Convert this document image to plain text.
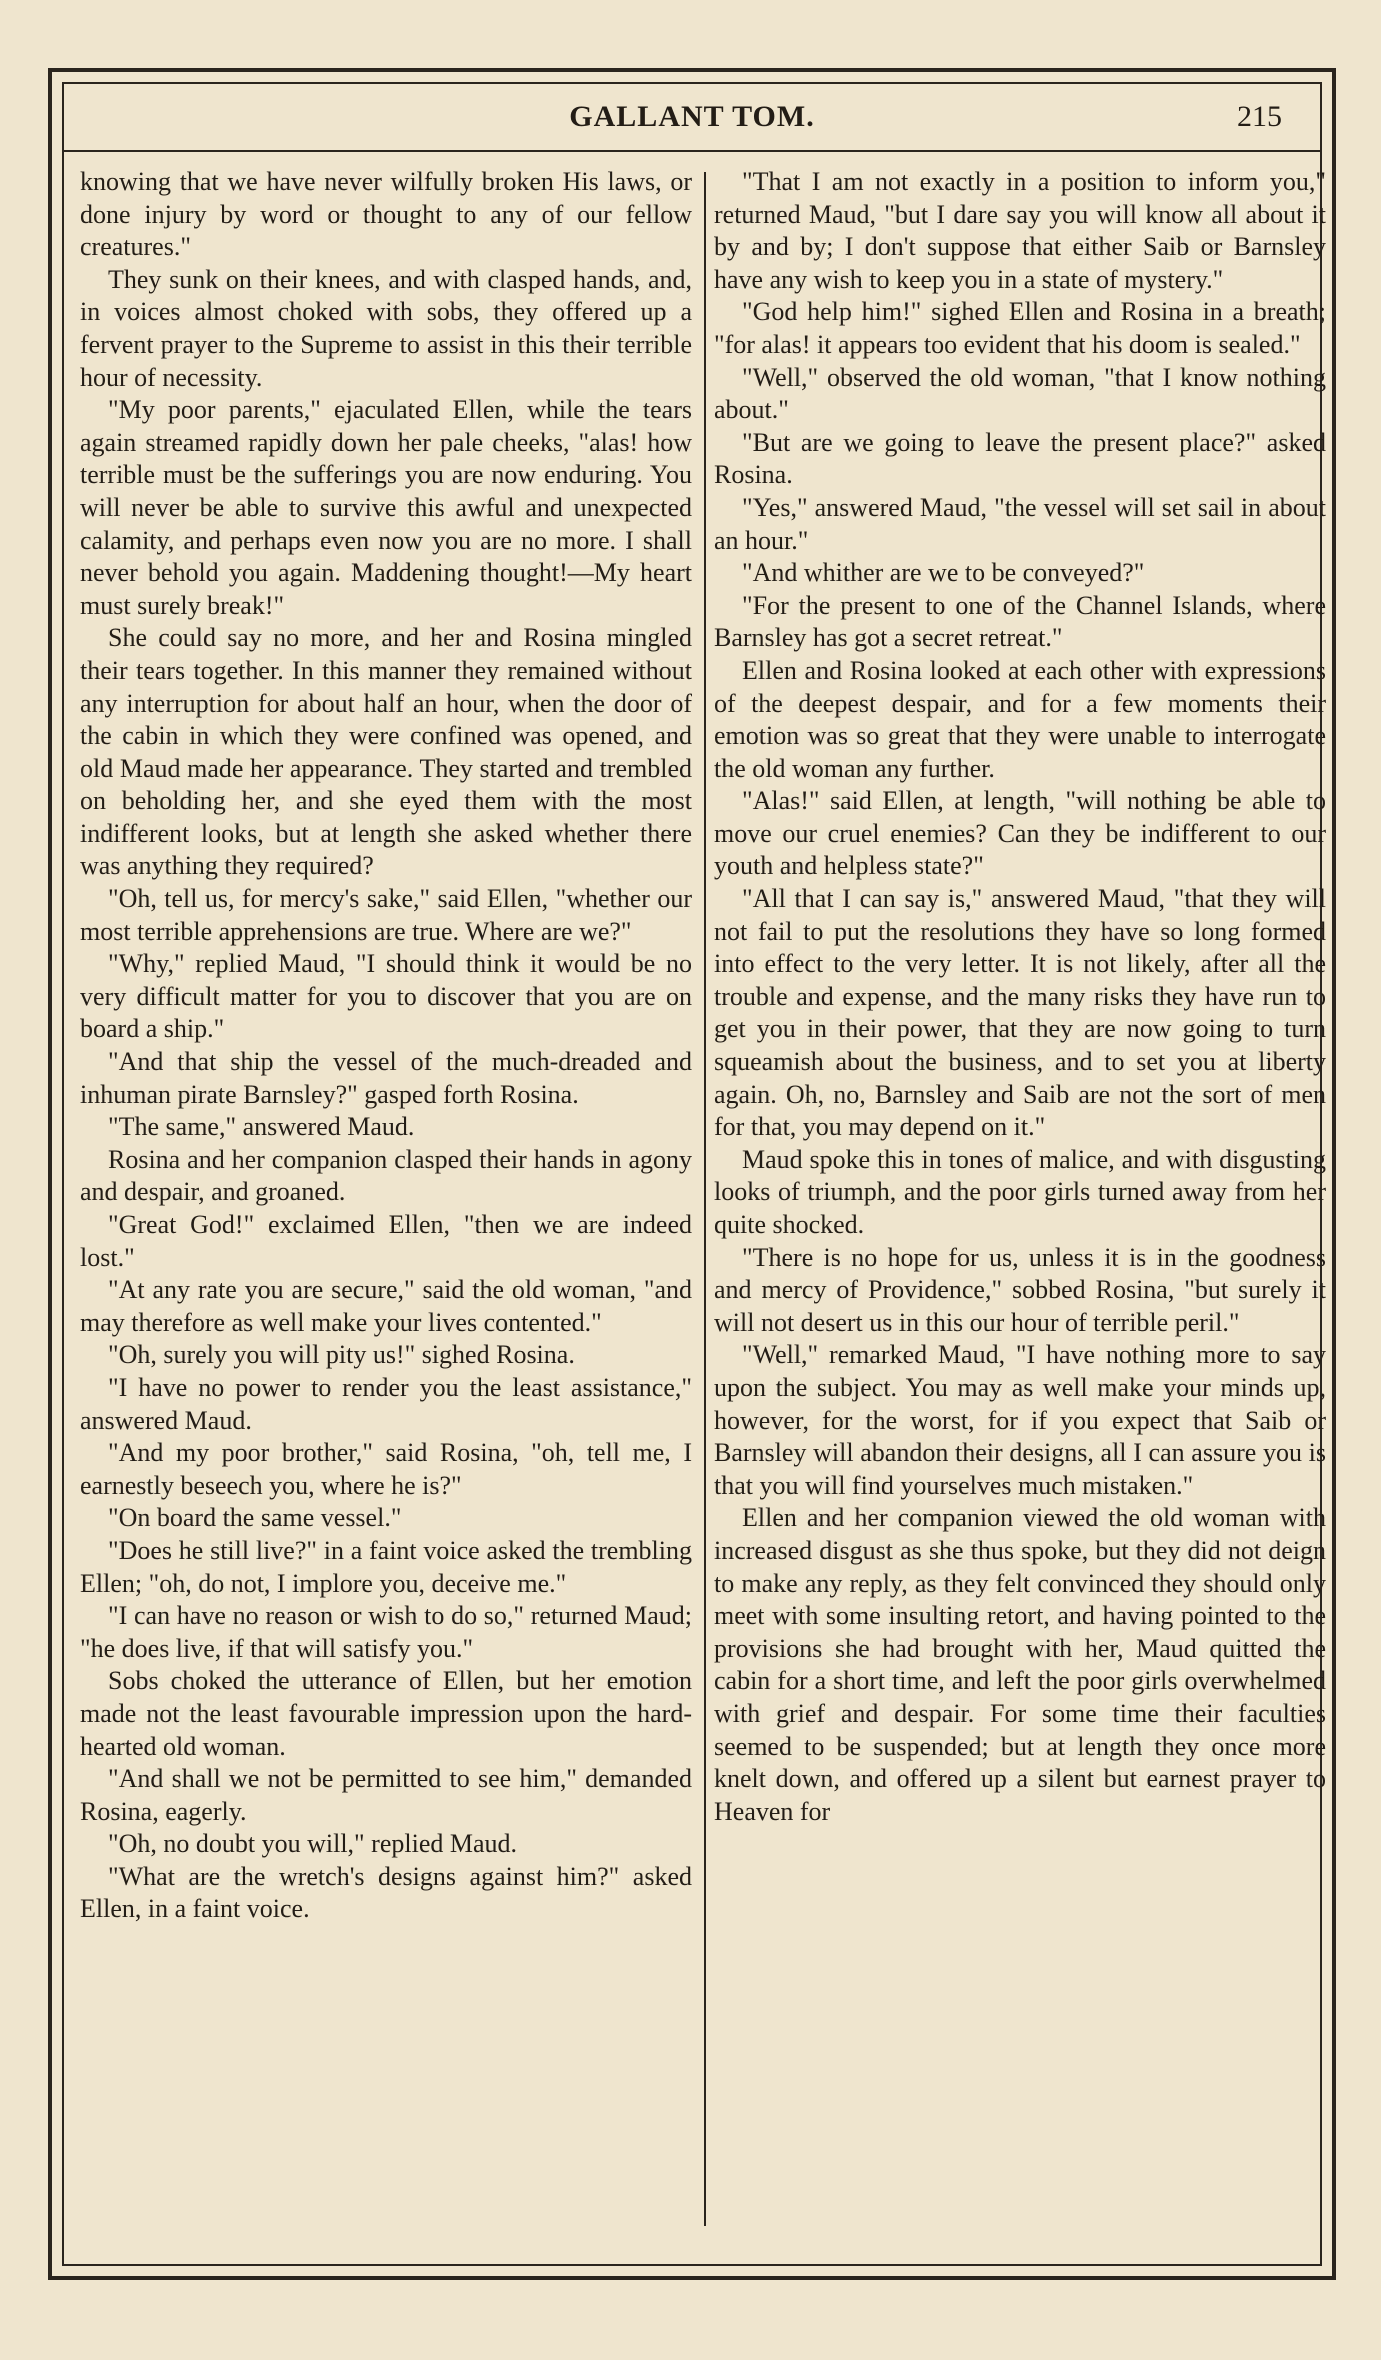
GALLANT TOM.	215

knowing that we have never wilfully broken His laws, or done injury by word or thought to any of our fellow creatures."

They sunk on their knees, and with clasped hands, and, in voices almost choked with sobs, they offered up a fervent prayer to the Supreme to assist in this their terrible hour of necessity.

"My poor parents," ejaculated Ellen, while the tears again streamed rapidly down her pale cheeks, "alas! how terrible must be the sufferings you are now enduring. You will never be able to survive this awful and unexpected calamity, and perhaps even now you are no more. I shall never behold you again. Maddening thought!—My heart must surely break!"

She could say no more, and her and Rosina mingled their tears together. In this manner they remained without any interruption for about half an hour, when the door of the cabin in which they were confined was opened, and old Maud made her appearance. They started and trembled on beholding her, and she eyed them with the most indifferent looks, but at length she asked whether there was anything they required?

"Oh, tell us, for mercy's sake," said Ellen, "whether our most terrible apprehensions are true. Where are we?"

"Why," replied Maud, "I should think it would be no very difficult matter for you to discover that you are on board a ship."

"And that ship the vessel of the much-dreaded and inhuman pirate Barnsley?" gasped forth Rosina.

"The same," answered Maud.

Rosina and her companion clasped their hands in agony and despair, and groaned.

"Great God!" exclaimed Ellen, "then we are indeed lost."

"At any rate you are secure," said the old woman, "and may therefore as well make your lives contented."

"Oh, surely you will pity us!" sighed Rosina.

"I have no power to render you the least assistance," answered Maud.

"And my poor brother," said Rosina, "oh, tell me, I earnestly beseech you, where he is?"

"On board the same vessel."

"Does he still live?" in a faint voice asked the trembling Ellen; "oh, do not, I implore you, deceive me."

"I can have no reason or wish to do so," returned Maud; "he does live, if that will satisfy you."

Sobs choked the utterance of Ellen, but her emotion made not the least favourable impression upon the hard-hearted old woman.

"And shall we not be permitted to see him," demanded Rosina, eagerly.

"Oh, no doubt you will," replied Maud.

"What are the wretch's designs against him?" asked Ellen, in a faint voice.

"That I am not exactly in a position to inform you," returned Maud, "but I dare say you will know all about it by and by; I don't suppose that either Saib or Barnsley have any wish to keep you in a state of mystery."

"God help him!" sighed Ellen and Rosina in a breath; "for alas! it appears too evident that his doom is sealed."

"Well," observed the old woman, "that I know nothing about."

"But are we going to leave the present place?" asked Rosina.

"Yes," answered Maud, "the vessel will set sail in about an hour."

"And whither are we to be conveyed?"

"For the present to one of the Channel Islands, where Barnsley has got a secret retreat."

Ellen and Rosina looked at each other with expressions of the deepest despair, and for a few moments their emotion was so great that they were unable to interrogate the old woman any further.

"Alas!" said Ellen, at length, "will nothing be able to move our cruel enemies? Can they be indifferent to our youth and helpless state?"

"All that I can say is," answered Maud, "that they will not fail to put the resolutions they have so long formed into effect to the very letter. It is not likely, after all the trouble and expense, and the many risks they have run to get you in their power, that they are now going to turn squeamish about the business, and to set you at liberty again. Oh, no, Barnsley and Saib are not the sort of men for that, you may depend on it."

Maud spoke this in tones of malice, and with disgusting looks of triumph, and the poor girls turned away from her quite shocked.

"There is no hope for us, unless it is in the goodness and mercy of Providence," sobbed Rosina, "but surely it will not desert us in this our hour of terrible peril."

"Well," remarked Maud, "I have nothing more to say upon the subject. You may as well make your minds up, however, for the worst, for if you expect that Saib or Barnsley will abandon their designs, all I can assure you is that you will find yourselves much mistaken."

Ellen and her companion viewed the old woman with increased disgust as she thus spoke, but they did not deign to make any reply, as they felt convinced they should only meet with some insulting retort, and having pointed to the provisions she had brought with her, Maud quitted the cabin for a short time, and left the poor girls overwhelmed with grief and despair. For some time their faculties seemed to be suspended; but at length they once more knelt down, and offered up a silent but earnest prayer to Heaven for
